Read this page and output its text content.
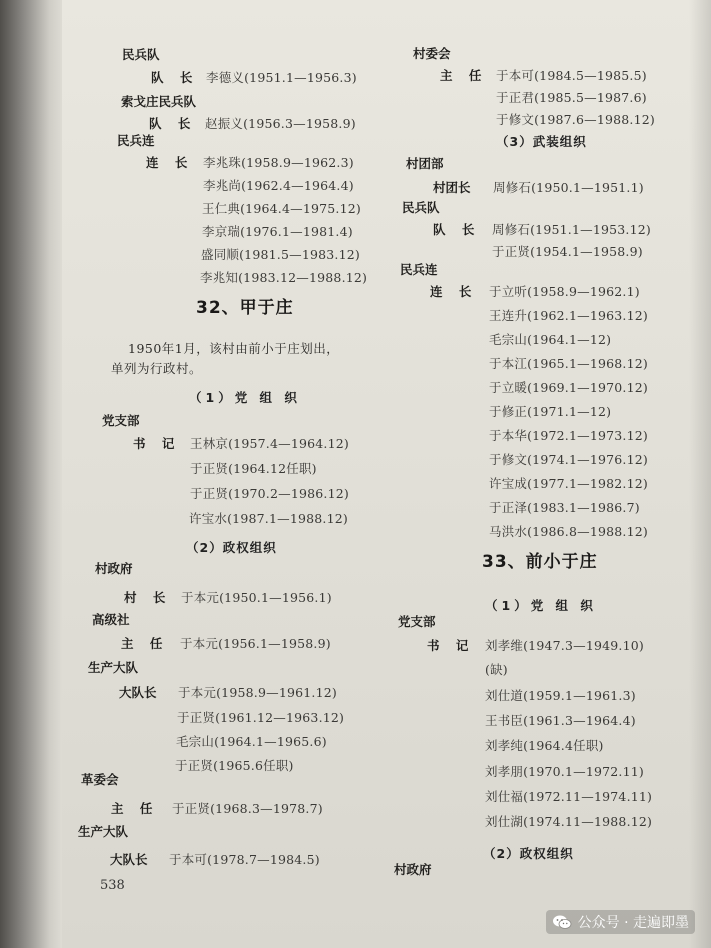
民兵队
队 长 李德义(1951.1—1956.3)
索戈庄民兵队
队 长 赵振义(1956.3—1958.9)
民兵连
连 长 李兆珠(1958.9—1962.3)
李兆尚(1962.4—1964.4)
王仁典(1964.4—1975.12)
李京瑞(1976.1—1981.4)
盛同顺(1981.5—1983.12)
李兆知(1983.12—1988.12)
32、甲于庄
1950年1月，该村由前小于庄划出，
单列为行政村。
（1）党 组 织
党支部
书 记 王林京(1957.4—1964.12)
于正贤(1964.12任职)
于正贤(1970.2—1986.12)
许宝水(1987.1—1988.12)
（2）政权组织
村政府
村 长 于本元(1950.1—1956.1)
高级社
主 任 于本元(1956.1—1958.9)
生产大队
大队长 于本元(1958.9—1961.12)
于正贤(1961.12—1963.12)
毛宗山(1964.1—1965.6)
于正贤(1965.6任职)
革委会
主 任 于正贤(1968.3—1978.7)
生产大队
大队长 于本可(1978.7—1984.5)
538
村委会
主 任 于本可(1984.5—1985.5)
于正君(1985.5—1987.6)
于修文(1987.6—1988.12)
（3）武装组织
村团部
村团长 周修石(1950.1—1951.1)
民兵队
队 长 周修石(1951.1—1953.12)
于正贤(1954.1—1958.9)
民兵连
连 长 于立听(1958.9—1962.1)
王连升(1962.1—1963.12)
毛宗山(1964.1—12)
于本江(1965.1—1968.12)
于立暖(1969.1—1970.12)
于修正(1971.1—12)
于本华(1972.1—1973.12)
于修文(1974.1—1976.12)
许宝成(1977.1—1982.12)
于正泽(1983.1—1986.7)
马洪水(1986.8—1988.12)
33、前小于庄
（1）党 组 织
党支部
书 记 刘孝维(1947.3—1949.10)
(缺)
刘仕道(1959.1—1961.3)
王书臣(1961.3—1964.4)
刘孝纯(1964.4任职)
刘孝朋(1970.1—1972.11)
刘仕福(1972.11—1974.11)
刘仕湖(1974.11—1988.12)
（2）政权组织
村政府
公众号 · 走遍即墨
